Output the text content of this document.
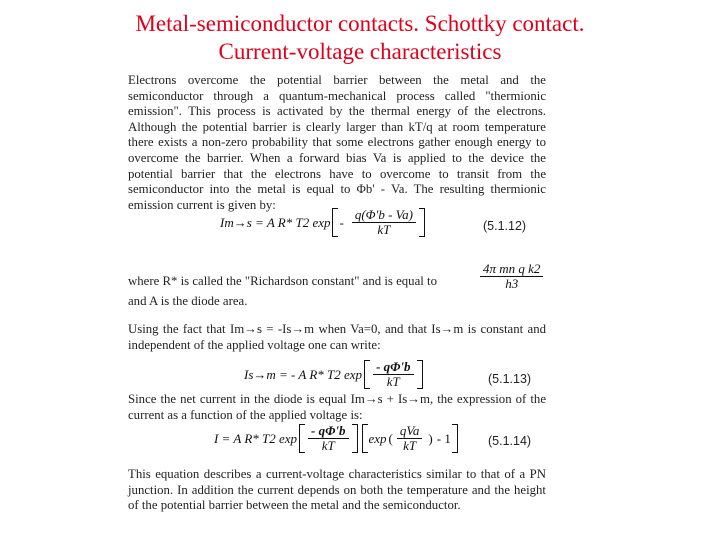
Metal-semiconductor contacts. Schottky contact.
Current-voltage characteristics

Electrons overcome the potential barrier between the metal and the semiconductor through a quantum-mechanical process called "thermionic emission". This process is activated by the thermal energy of the electrons. Although the potential barrier is clearly larger than kT/q at room temperature there exists a non-zero probability that some electrons gather enough energy to overcome the barrier. When a forward bias Va is applied to the device the potential barrier that the electrons have to overcome to transit from the semiconductor into the metal is equal to Φb' - Va. The resulting thermionic emission current is given by:

Im→s = A R* T2 exp - $\frac{q(\Phi'b - Va)}{kT}$	(5.1.12)

where R* is called the "Richardson constant" and is equal to	$\frac{\text{4π mn q k2}}{h3}$

and A is the diode area.

Using the fact that Im→s = -Is→m when Va=0, and that Is→m is constant and independent of the applied voltage one can write:

Is→m = - A R* T2 $\exp \frac{- q\Phi'b}{kT}$	(5.1.13)

Since the net current in the diode is equal Im→s + Is→m, the expression of the current as a function of the applied voltage is:

I = A R* T2 $\exp \frac{- q\Phi'b}{kT}$ exp ( $\frac{\text{qVa}}{kT}$ ) - 1	(5.1.14)

This equation describes a current-voltage characteristics similar to that of a PN junction. In addition the current depends on both the temperature and the height of the potential barrier between the metal and the semiconductor.
